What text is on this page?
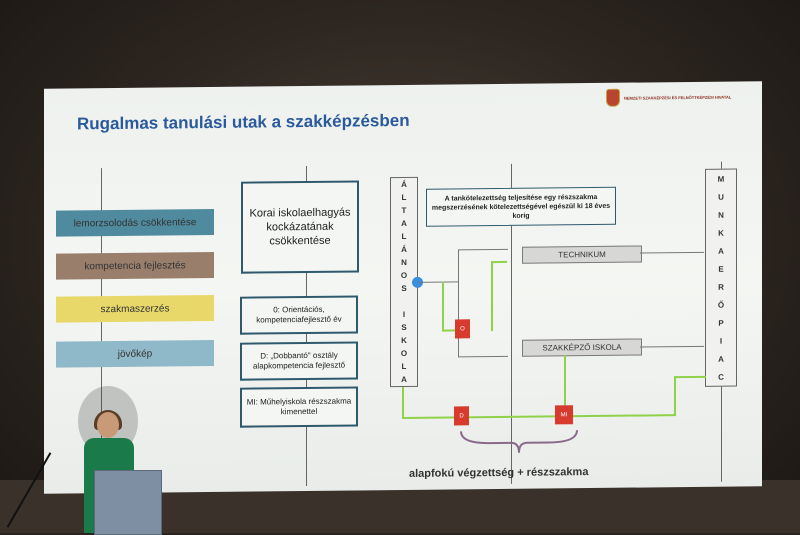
Rugalmas tanulási utak a szakképzésben
NEMZETI SZAKKÉPZÉSI ÉS FELNŐTTKÉPZÉSI HIVATAL
lemorzsolodás csökkentése
kompetencia fejlesztés
szakmaszerzés
jövőkép
Korai iskolaelhagyás kockázatának csökkentése
0: Orientációs, kompetenciafejlesztő év
D: „Dobbantó" osztály alapkompetencia fejlesztő
MI: Műhelyiskola részszakma kimenettel
Á
L
T
A
L
Á
N
O
S

I
S
K
O
L
A
M
U
N
K
A
E
R
Ő
P
I
A
C
A tankötelezettség teljesítése egy részszakma megszerzésének kötelezettségével egészül ki 18 éves korig
TECHNIKUM
SZAKKÉPZŐ ISKOLA
O
D	MI
alapfokú végzettség + részszakma
